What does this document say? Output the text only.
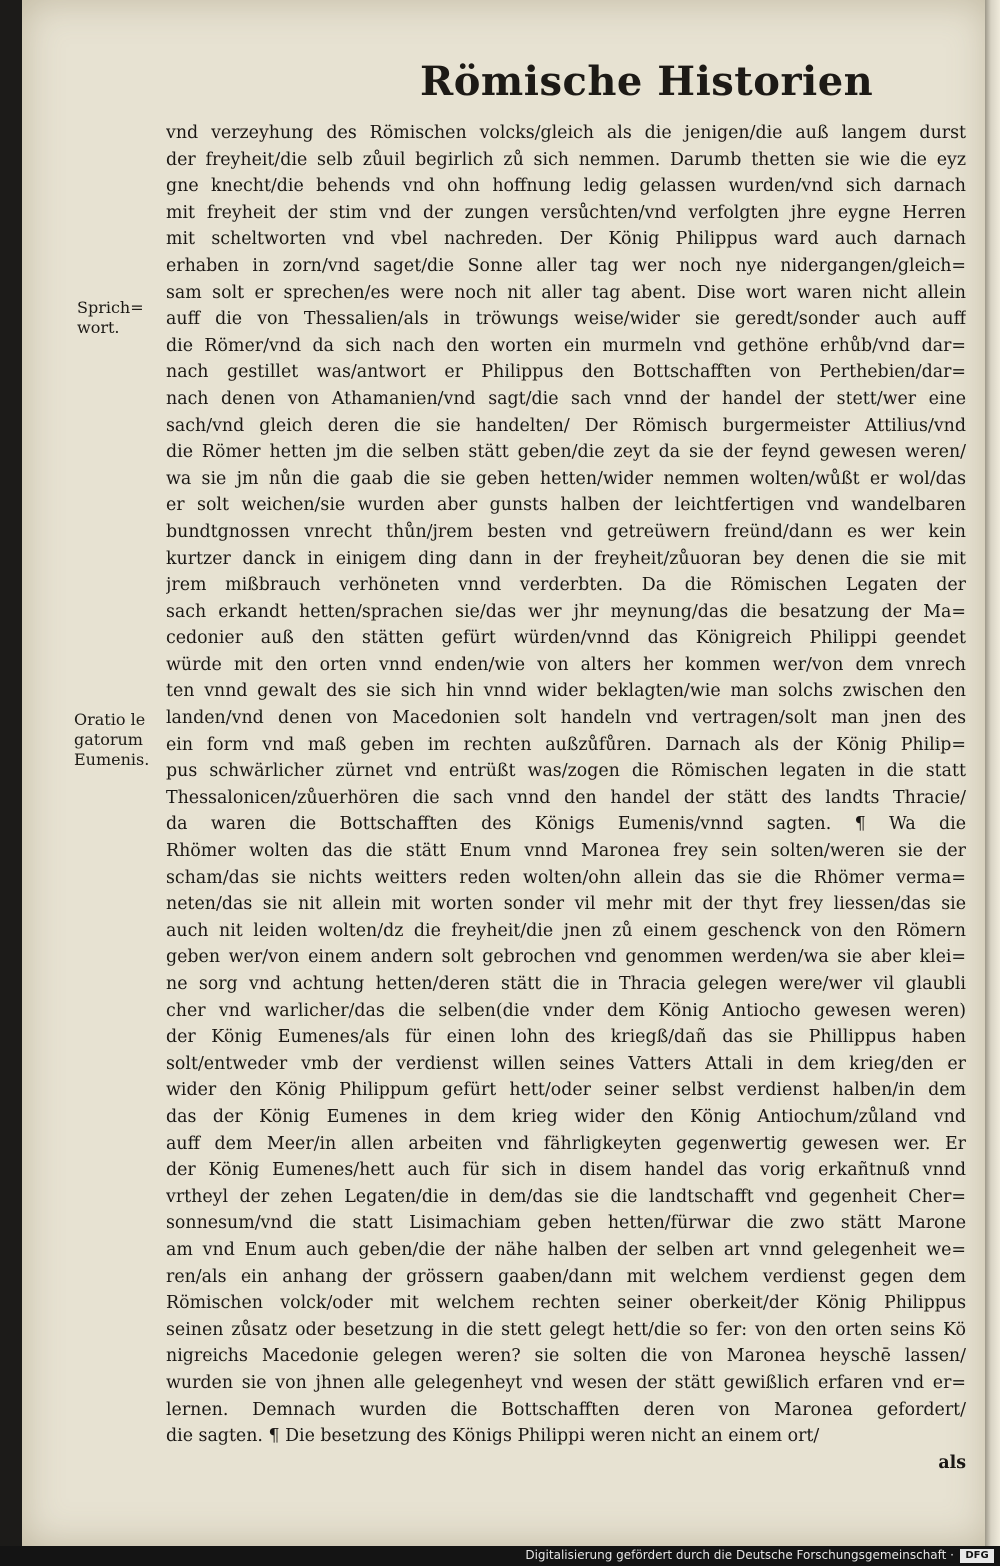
Römische Historien
Sprich=
wort.
Oratio le
gatorum
Eumenis.
vnd verzeyhung des Römischen volcks/gleich als die jenigen/die auß langem durst
der freyheit/die selb zůuil begirlich zů sich nemmen. Darumb thetten sie wie die eyz
gne knecht/die behends vnd ohn hoffnung ledig gelassen wurden/vnd sich darnach
mit freyheit der stim vnd der zungen versůchten/vnd verfolgten jhre eygne Herren
mit scheltworten vnd vbel nachreden. Der König Philippus ward auch darnach
erhaben in zorn/vnd saget/die Sonne aller tag wer noch nye nidergangen/gleich=
sam solt er sprechen/es were noch nit aller tag abent. Dise wort waren nicht allein
auff die von Thessalien/als in tröwungs weise/wider sie geredt/sonder auch auff
die Römer/vnd da sich nach den worten ein murmeln vnd gethöne erhůb/vnd dar=
nach gestillet was/antwort er Philippus den Bottschafften von Perthebien/dar=
nach denen von Athamanien/vnd sagt/die sach vnnd der handel der stett/wer eine
sach/vnd gleich deren die sie handelten/ Der Römisch burgermeister Attilius/vnd
die Römer hetten jm die selben stätt geben/die zeyt da sie der feynd gewesen weren/
wa sie jm nůn die gaab die sie geben hetten/wider nemmen wolten/wůßt er wol/das
er solt weichen/sie wurden aber gunsts halben der leichtfertigen vnd wandelbaren
bundtgnossen vnrecht thůn/jrem besten vnd getreüwern freünd/dann es wer kein
kurtzer danck in einigem ding dann in der freyheit/zůuoran bey denen die sie mit
jrem mißbrauch verhöneten vnnd verderbten. Da die Römischen Legaten der
sach erkandt hetten/sprachen sie/das wer jhr meynung/das die besatzung der Ma=
cedonier auß den stätten gefürt würden/vnnd das Königreich Philippi geendet
würde mit den orten vnnd enden/wie von alters her kommen wer/von dem vnrech
ten vnnd gewalt des sie sich hin vnnd wider beklagten/wie man solchs zwischen den
landen/vnd denen von Macedonien solt handeln vnd vertragen/solt man jnen des
ein form vnd maß geben im rechten außzůfůren. Darnach als der König Philip=
pus schwärlicher zürnet vnd entrüßt was/zogen die Römischen legaten in die statt
Thessalonicen/zůuerhören die sach vnnd den handel der stätt des landts Thracie/
da waren die Bottschafften des Königs Eumenis/vnnd sagten. ¶ Wa die
Rhömer wolten das die stätt Enum vnnd Maronea frey sein solten/weren sie der
scham/das sie nichts weitters reden wolten/ohn allein das sie die Rhömer verma=
neten/das sie nit allein mit worten sonder vil mehr mit der thyt frey liessen/das sie
auch nit leiden wolten/dz die freyheit/die jnen zů einem geschenck von den Römern
geben wer/von einem andern solt gebrochen vnd genommen werden/wa sie aber klei=
ne sorg vnd achtung hetten/deren stätt die in Thracia gelegen were/wer vil glaubli
cher vnd warlicher/das die selben(die vnder dem König Antiocho gewesen weren)
der König Eumenes/als für einen lohn des kriegß/dañ das sie Phillippus haben
solt/entweder vmb der verdienst willen seines Vatters Attali in dem krieg/den er
wider den König Philippum gefürt hett/oder seiner selbst verdienst halben/in dem
das der König Eumenes in dem krieg wider den König Antiochum/zůland vnd
auff dem Meer/in allen arbeiten vnd fährligkeyten gegenwertig gewesen wer. Er
der König Eumenes/hett auch für sich in disem handel das vorig erkañtnuß vnnd
vrtheyl der zehen Legaten/die in dem/das sie die landtschafft vnd gegenheit Cher=
sonnesum/vnd die statt Lisimachiam geben hetten/fürwar die zwo stätt Marone
am vnd Enum auch geben/die der nähe halben der selben art vnnd gelegenheit we=
ren/als ein anhang der grössern gaaben/dann mit welchem verdienst gegen dem
Römischen volck/oder mit welchem rechten seiner oberkeit/der König Philippus
seinen zůsatz oder besetzung in die stett gelegt hett/die so fer: von den orten seins Kö
nigreichs Macedonie gelegen weren? sie solten die von Maronea heyschē lassen/
wurden sie von jhnen alle gelegenheyt vnd wesen der stätt gewißlich erfaren vnd er=
lernen. Demnach wurden die Bottschafften deren von Maronea gefordert/
die sagten. ¶ Die besetzung des Königs Philippi weren nicht an einem ort/
als
Digitalisierung gefördert durch die Deutsche Forschungsgemeinschaft ·	DFG
